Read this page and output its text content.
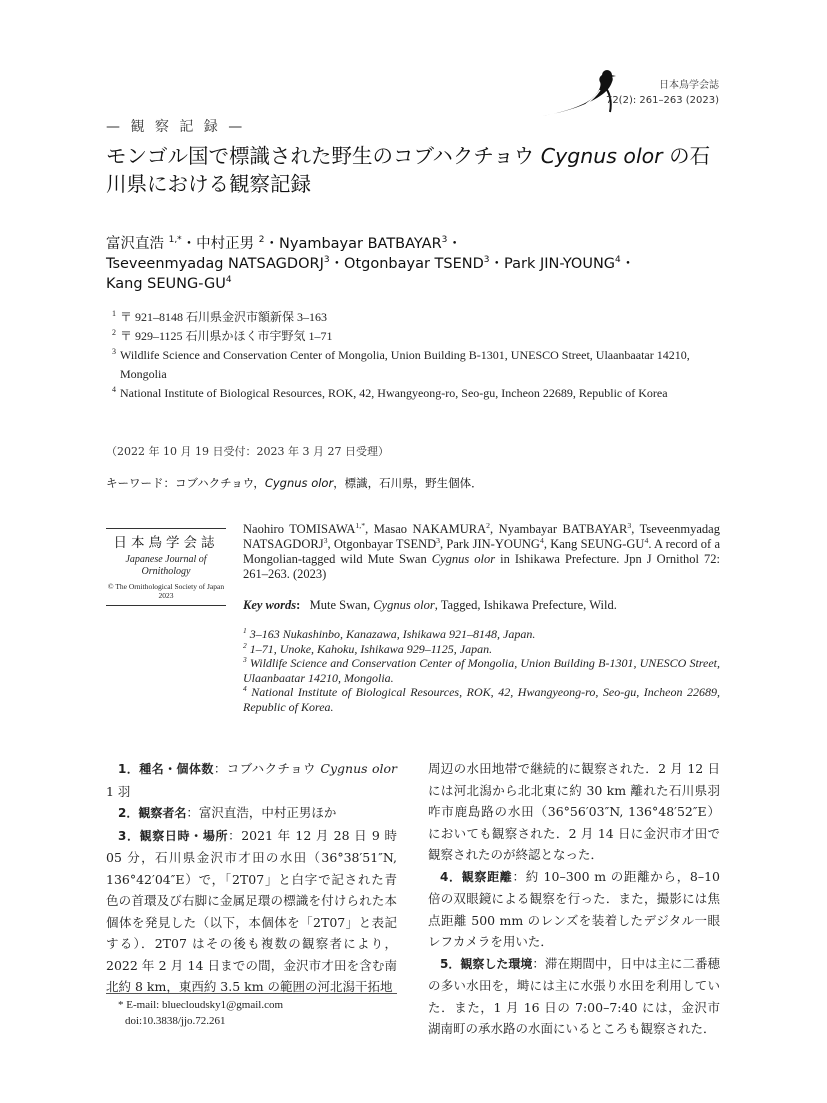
日本鳥学会誌
72(2): 261–263 (2023)
— 観 察 記 録 —
モンゴル国で標識された野生のコブハクチョウ Cygnus olor の石川県における観察記録
富沢直浩 $^{1,*}$・中村正男 $^2$・Nyambayar BATBAYAR$^3$・
Tseveenmyadag NATSAGDORJ$^3$・Otgonbayar TSEND$^3$・Park JIN-YOUNG$^4$・
Kang SEUNG-$GU^4$
1 〒 921–8148 石川県金沢市額新保 3–163
2 〒 929–1125 石川県かほく市宇野気 1–71
3 Wildlife Science and Conservation Center of Mongolia, Union Building B-1301, UNESCO Street, Ulaanbaatar 14210, Mongolia
4 National Institute of Biological Resources, ROK, 42, Hwangyeong-ro, Seo-gu, Incheon 22689, Republic of Korea
（2022 年 10 月 19 日受付：2023 年 3 月 27 日受理）
キーワード：コブハクチョウ，Cygnus olor，標識，石川県，野生個体．
日本鳥学会誌
Japanese Journal of Ornithology
© The Ornithological Society of Japan 2023
Naohiro $TOMISAWA^{1,*}$, Masao NAKAMURA$^2$, Nyambayar BATBAYAR$^3$, Tseveenmyadag NATSAGDORJ$^3$, Otgonbayar TSEND$^3$, Park JIN-YOUNG$^4$, Kang SEUNG-$GU^4$. A record of a Mongolian-tagged wild Mute Swan Cygnus olor in Ishikawa Prefecture. Jpn J Ornithol 72: 261–263. (2023)
Key words: Mute Swan, Cygnus olor, Tagged, Ishikawa Prefecture, Wild.
$^1$ 3–163 Nukashinbo, Kanazawa, Ishikawa 921–8148, Japan.
$^2$ 1–71, Unoke, Kahoku, Ishikawa 929–1125, Japan.
$^3$ Wildlife Science and Conservation Center of Mongolia, Union Building B-1301, UNESCO Street, Ulaanbaatar 14210, Mongolia.
$^4$ National Institute of Biological Resources, ROK, 42, Hwangyeong-ro, Seo-gu, Incheon 22689, Republic of Korea.

1．種名・個体数：コブハクチョウ Cygnus olor 1 羽

2．観察者名：富沢直浩，中村正男ほか

3．観察日時・場所：2021 年 12 月 28 日 9 時 05 分，石川県金沢市才田の水田（36°38′51″N, 136°42′04″E）で，「2T07」と白字で記された青色の首環及び右脚に金属足環の標識を付けられた本個体を発見した（以下，本個体を「2T07」と表記する）．2T07 はその後も複数の観察者により，2022 年 2 月 14 日までの間，金沢市才田を含む南北約 8 km，東西約 3.5 km の範囲の河北潟干拓地

周辺の水田地帯で継続的に観察された．2 月 12 日には河北潟から北北東に約 30 km 離れた石川県羽咋市鹿島路の水田（36°56′03″N, 136°48′52″E）においても観察された．2 月 14 日に金沢市才田で観察されたのが終認となった．

4．観察距離：約 10–300 m の距離から，8–10 倍の双眼鏡による観察を行った．また，撮影には焦点距離 500 mm のレンズを装着したデジタル一眼レフカメラを用いた．

5．観察した環境：滞在期間中，日中は主に二番穂の多い水田を，塒には主に水張り水田を利用していた．また，1 月 16 日の 7:00–7:40 には，金沢市湖南町の承水路の水面にいるところも観察された．

* E-mail: bluecloudsky1@gmail.com
doi:10.3838/jjo.72.261
